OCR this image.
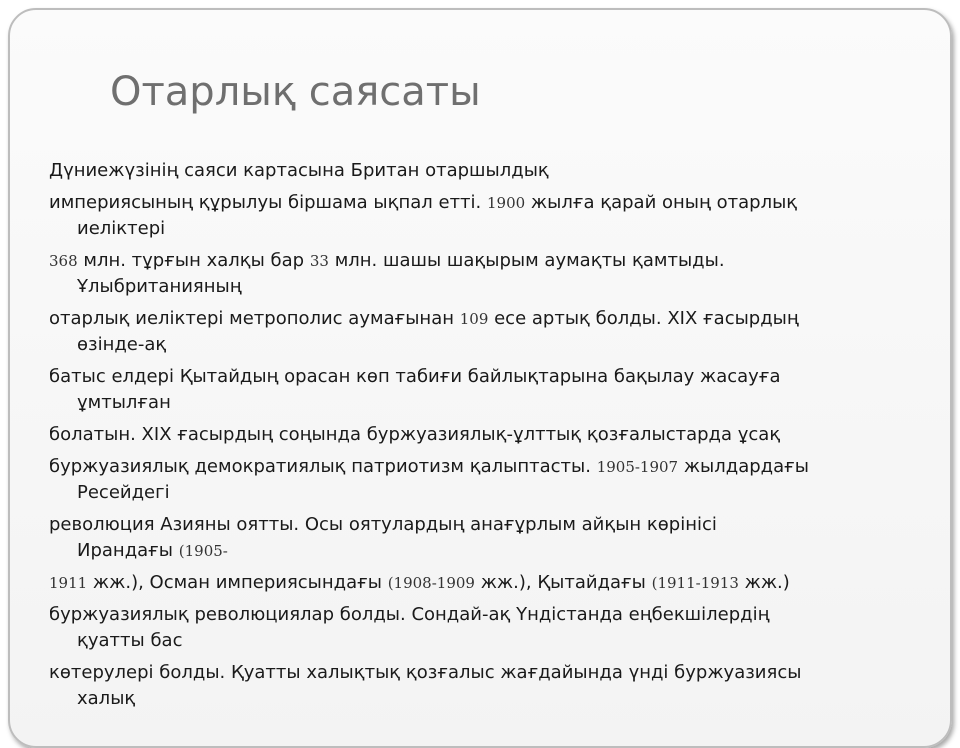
Отарлық саясаты

Дүниежүзінің саяси картасына Британ отаршылдық

империясының құрылуы біршама ықпал етті. 1900 жылға қарай оның отарлық
иеліктері

368 млн. тұрғын халқы бар 33 млн. шашы шақырым аумақты қамтыды.
Ұлыбританияның

отарлық иеліктері метрополис аумағынан 109 есе артық болды. XIX ғасырдың
өзінде-ақ

батыс елдері Қытайдың орасан көп табиғи байлықтарына бақылау жасауға
ұмтылған

болатын. XIX ғасырдың соңында буржуазиялық-ұлттық қозғалыстарда ұсақ

буржуазиялық демократиялық патриотизм қалыптасты. 1905-1907 жылдардағы
Ресейдегі

революция Азияны оятты. Осы оятулардың анағұрлым айқын көрінісі
Ирандағы (1905-

1911 жж.), Осман империясындағы (1908-1909 жж.), Қытайдағы (1911-1913 жж.)

буржуазиялық революциялар болды. Сондай-ақ Үндістанда еңбекшілердің
қуатты бас

көтерулері болды. Қуатты халықтық қозғалыс жағдайында үнді буржуазиясы
халық
